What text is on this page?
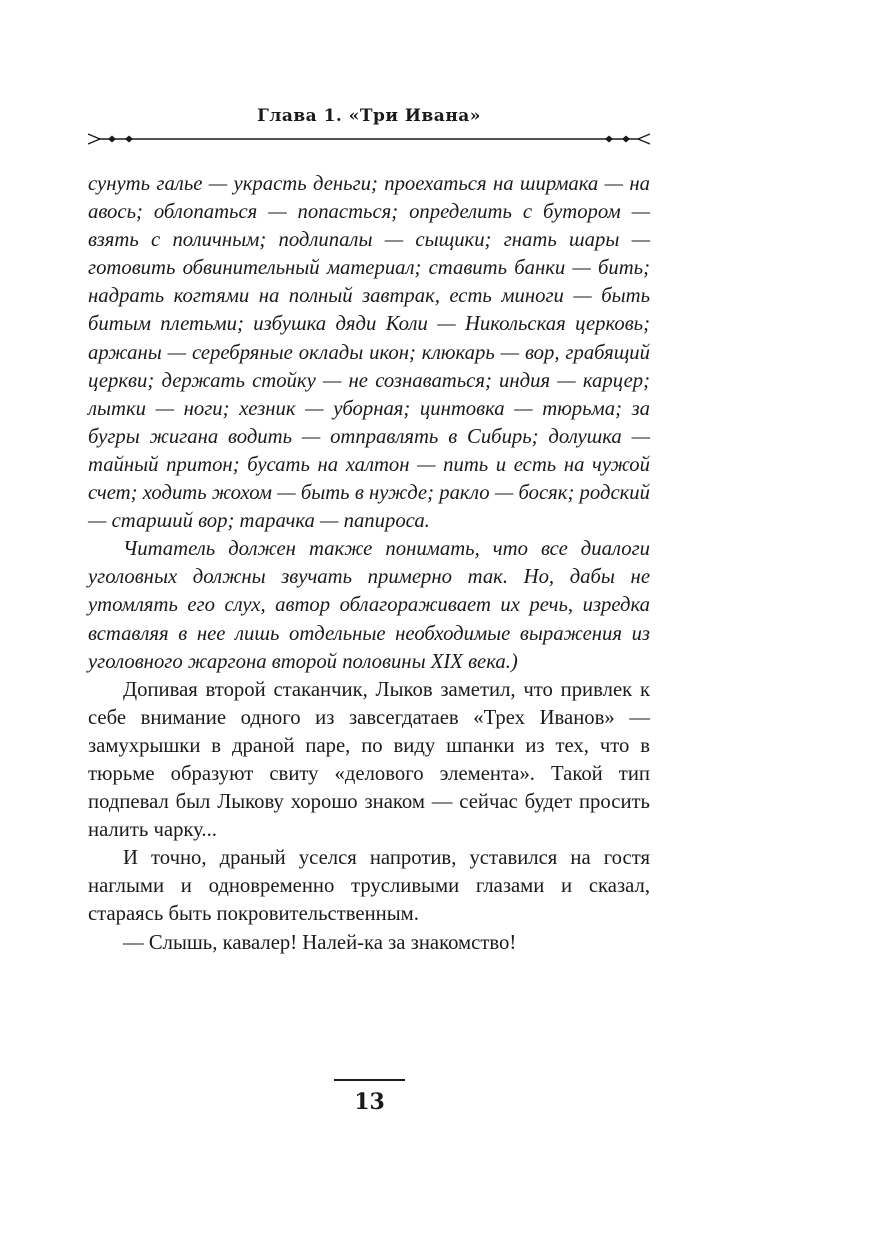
Глава 1. «Три Ивана»

сунуть галье — украсть деньги; проехаться на ширмака — на авось; облопаться — попасться; определить с бутором — взять с поличным; подлипалы — сыщики; гнать шары — готовить обвинительный материал; ставить банки — бить; надрать когтями на полный завтрак, есть миноги — быть битым плетьми; избушка дяди Коли — Никольская церковь; аржаны — серебряные оклады икон; клюкарь — вор, грабящий церкви; держать стойку — не сознаваться; индия — карцер; лытки — ноги; хезник — уборная; цинтовка — тюрьма; за бугры жигана водить — отправлять в Сибирь; долушка — тайный притон; бусать на халтон — пить и есть на чужой счет; ходить жохом — быть в нужде; ракло — босяк; родский — старший вор; тарачка — папироса.

Читатель должен также понимать, что все диалоги уголовных должны звучать примерно так. Но, дабы не утомлять его слух, автор облагораживает их речь, изредка вставляя в нее лишь отдельные необходимые выражения из уголовного жаргона второй половины XIX века.)

Допивая второй стаканчик, Лыков заметил, что привлек к себе внимание одного из завсегдатаев «Трех Иванов» — замухрышки в драной паре, по виду шпанки из тех, что в тюрьме образуют свиту «делового элемента». Такой тип подпевал был Лыкову хорошо знаком — сейчас будет просить налить чарку...

И точно, драный уселся напротив, уставился на гостя наглыми и одновременно трусливыми глазами и сказал, стараясь быть покровительственным.

— Слышь, кавалер! Налей-ка за знакомство!

13
